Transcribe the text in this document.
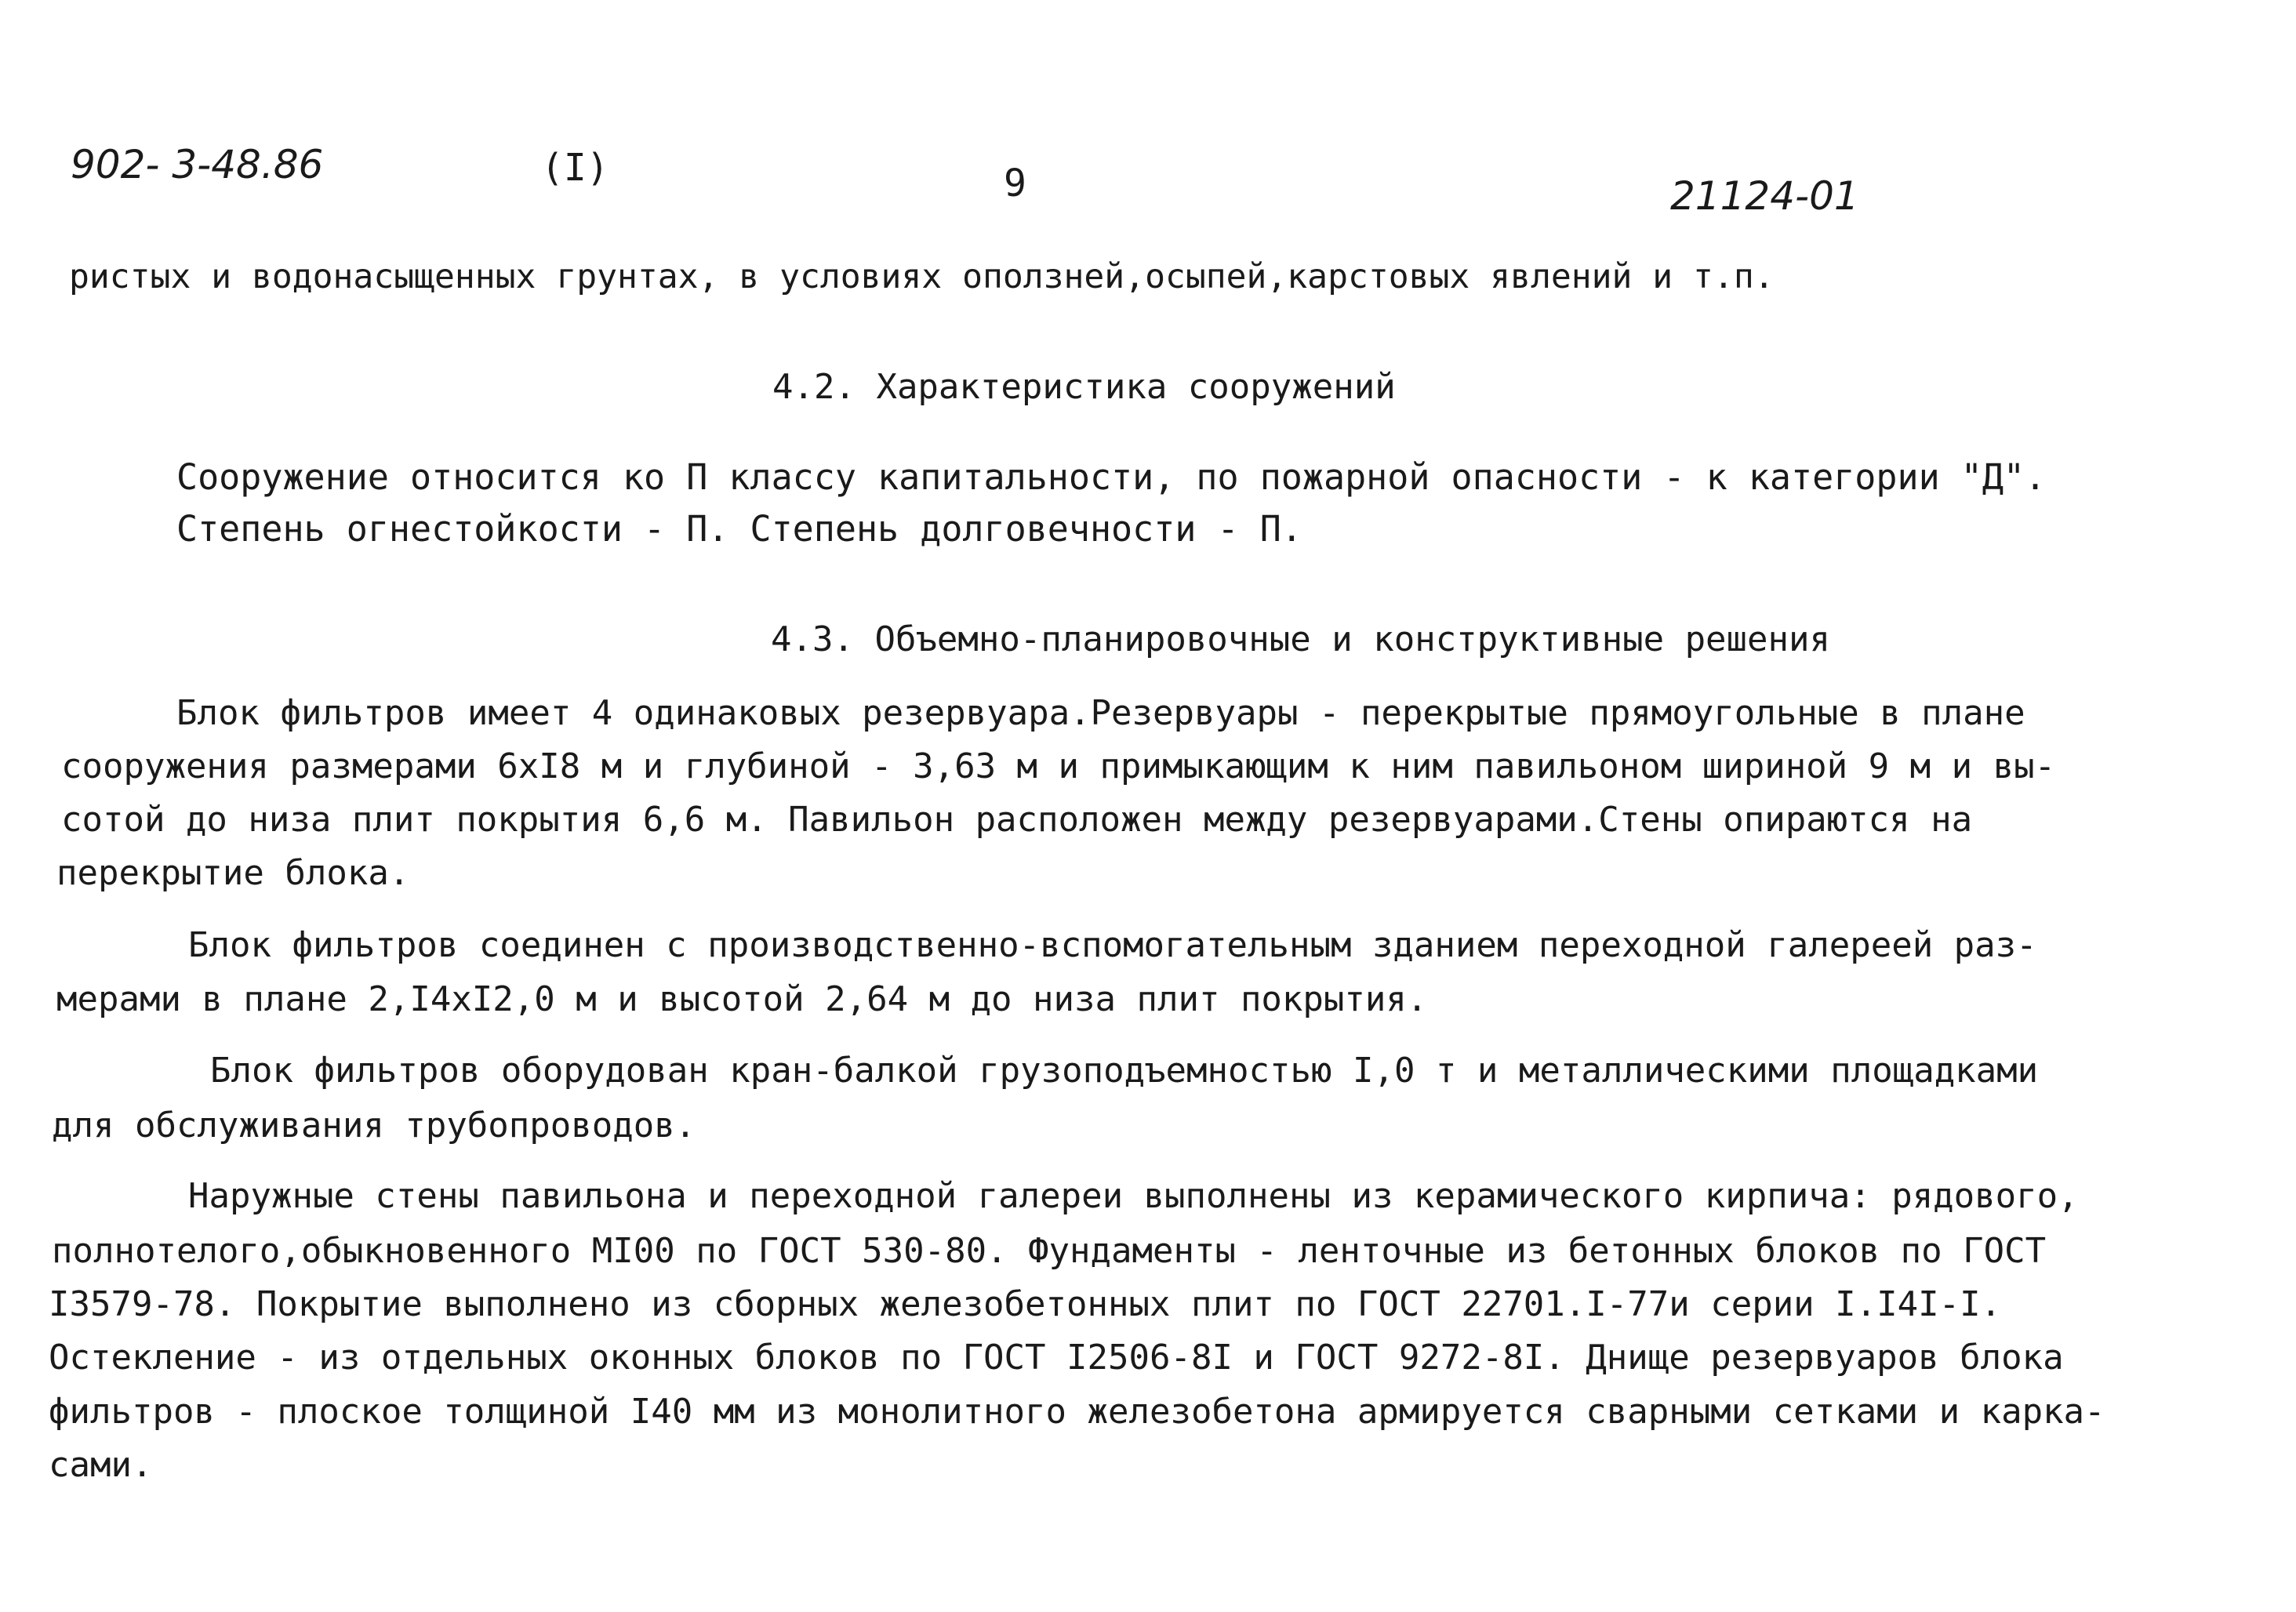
902- 3-48.86	(I)	9	21124-01
ристых и водонасыщенных грунтах, в условиях оползней,осыпей,карстовых явлений и т.п.
4.2. Характеристика сооружений
Сооружение относится ко П классу капитальности, по пожарной опасности - к категории "Д".
Степень огнестойкости - П. Степень долговечности - П.
4.3. Объемно-планировочные и конструктивные решения
Блок фильтров имеет 4 одинаковых резервуара.Резервуары - перекрытые прямоугольные в плане
сооружения размерами 6хI8 м и глубиной - 3,63 м и примыкающим к ним павильоном шириной 9 м и вы-
сотой до низа плит покрытия 6,6 м. Павильон расположен между резервуарами.Стены опираются на
перекрытие блока.
Блок фильтров соединен с производственно-вспомогательным зданием переходной галереей раз-
мерами в плане 2,I4хI2,0 м и высотой 2,64 м до низа плит покрытия.
Блок фильтров оборудован кран-балкой грузоподъемностью I,0 т и металлическими площадками
для обслуживания трубопроводов.
Наружные стены павильона и переходной галереи выполнены из керамического кирпича: рядового,
полнотелого,обыкновенного МI00 по ГОСТ 530-80. Фундаменты - ленточные из бетонных блоков по ГОСТ
I3579-78. Покрытие выполнено из сборных железобетонных плит по ГОСТ 22701.I-77и серии I.I4I-I.
Остекление - из отдельных оконных блоков по ГОСТ I2506-8I и ГОСТ 9272-8I. Днище резервуаров блока
фильтров - плоское толщиной I40 мм из монолитного железобетона армируется сварными сетками и карка-
сами.
